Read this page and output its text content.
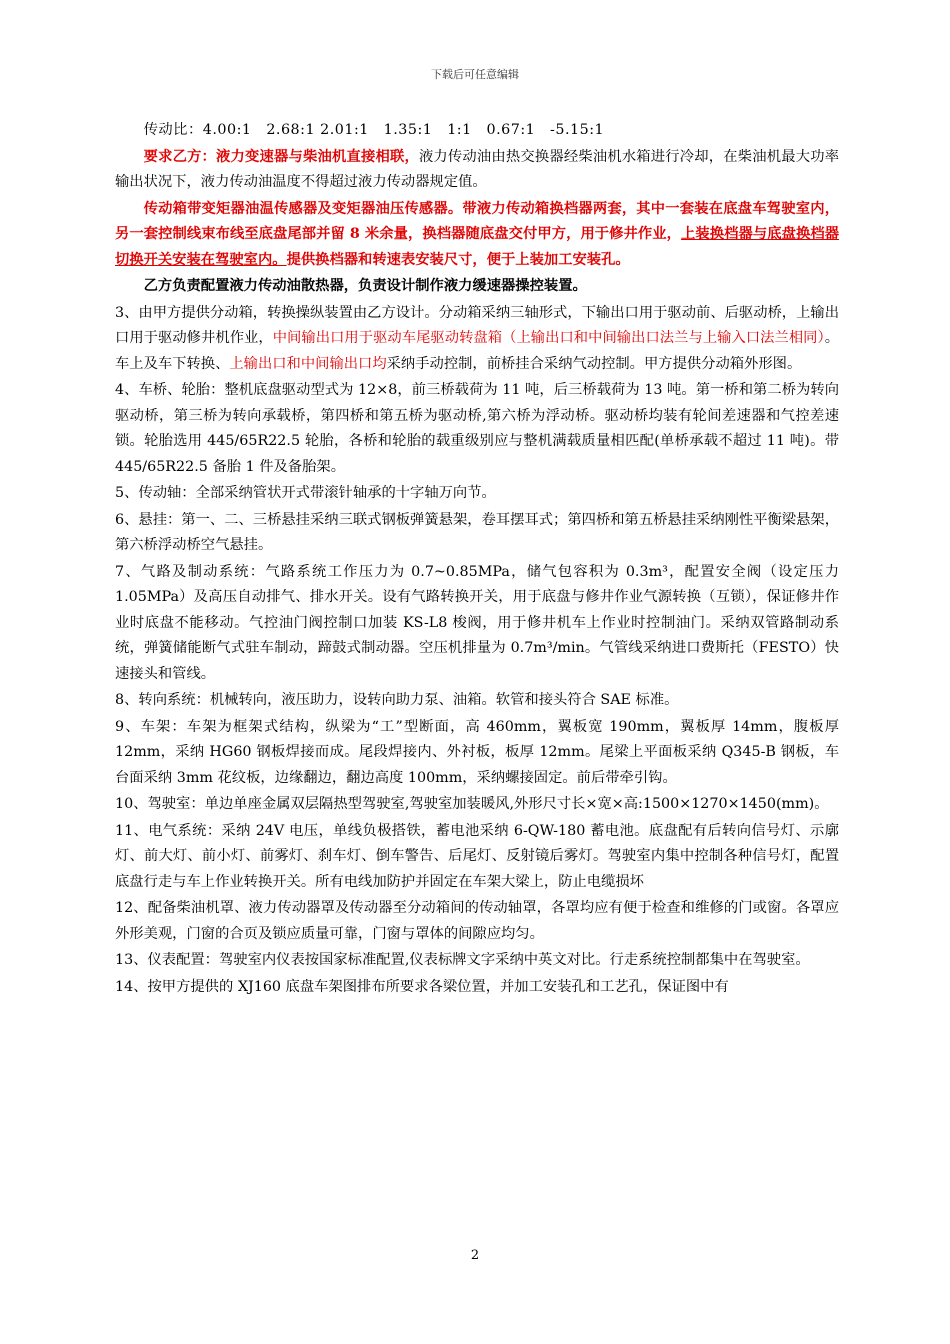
下载后可任意编辑

传动比：4.00:1　2.68:1 2.01:1　1.35:1　1:1　0.67:1　-5.15:1

要求乙方：液力变速器与柴油机直接相联，液力传动油由热交换器经柴油机水箱进行冷却，在柴油机最大功率输出状况下，液力传动油温度不得超过液力传动器规定值。

传动箱带变矩器油温传感器及变矩器油压传感器。带液力传动箱换档器两套，其中一套装在底盘车驾驶室内，另一套控制线束布线至底盘尾部并留 8 米余量，换档器随底盘交付甲方，用于修井作业，上装换档器与底盘换档器切换开关安装在驾驶室内。提供换档器和转速表安装尺寸，便于上装加工安装孔。

乙方负责配置液力传动油散热器，负责设计制作液力缓速器操控装置。

3、由甲方提供分动箱，转换操纵装置由乙方设计。分动箱采纳三轴形式，下输出口用于驱动前、后驱动桥，上输出口用于驱动修井机作业，中间输出口用于驱动车尾驱动转盘箱（上输出口和中间输出口法兰与上输入口法兰相同）。车上及车下转换、上输出口和中间输出口均采纳手动控制，前桥挂合采纳气动控制。甲方提供分动箱外形图。

4、车桥、轮胎：整机底盘驱动型式为 12×8，前三桥载荷为 11 吨，后三桥载荷为 13 吨。第一桥和第二桥为转向驱动桥，第三桥为转向承载桥，第四桥和第五桥为驱动桥,第六桥为浮动桥。驱动桥均装有轮间差速器和气控差速锁。轮胎选用 445/65R22.5 轮胎，各桥和轮胎的载重级别应与整机满载质量相匹配(单桥承载不超过 11 吨)。带 445/65R22.5 备胎 1 件及备胎架。

5、传动轴：全部采纳管状开式带滚针轴承的十字轴万向节。

6、悬挂：第一、二、三桥悬挂采纳三联式钢板弹簧悬架，卷耳摆耳式；第四桥和第五桥悬挂采纳刚性平衡梁悬架，第六桥浮动桥空气悬挂。

7、气路及制动系统：气路系统工作压力为 0.7~0.85MPa，储气包容积为 0.3m³，配置安全阀（设定压力 1.05MPa）及高压自动排气、排水开关。设有气路转换开关，用于底盘与修井作业气源转换（互锁），保证修井作业时底盘不能移动。气控油门阀控制口加装 KS-L8 梭阀，用于修井机车上作业时控制油门。采纳双管路制动系统，弹簧储能断气式驻车制动，蹄鼓式制动器。空压机排量为 0.7m³/min。气管线采纳进口费斯托（FESTO）快速接头和管线。

8、转向系统：机械转向，液压助力，设转向助力泵、油箱。软管和接头符合 SAE 标准。

9、车架：车架为框架式结构，纵梁为“工”型断面，高 460mm，翼板宽 190mm，翼板厚 14mm，腹板厚 12mm，采纳 HG60 钢板焊接而成。尾段焊接内、外衬板，板厚 12mm。尾梁上平面板采纳 Q345-B 钢板，车台面采纳 3mm 花纹板，边缘翻边，翻边高度 100mm，采纳螺接固定。前后带牵引钩。

10、驾驶室：单边单座金属双层隔热型驾驶室,驾驶室加装暖风,外形尺寸长×宽×高:1500×1270×1450(mm)。

11、电气系统：采纳 24V 电压，单线负极搭铁，蓄电池采纳 6-QW-180 蓄电池。底盘配有后转向信号灯、示廓灯、前大灯、前小灯、前雾灯、刹车灯、倒车警告、后尾灯、反射镜后雾灯。驾驶室内集中控制各种信号灯，配置底盘行走与车上作业转换开关。所有电线加防护并固定在车架大梁上，防止电缆损坏

12、配备柴油机罩、液力传动器罩及传动器至分动箱间的传动轴罩，各罩均应有便于检查和维修的门或窗。各罩应外形美观，门窗的合页及锁应质量可靠，门窗与罩体的间隙应均匀。

13、仪表配置：驾驶室内仪表按国家标准配置,仪表标牌文字采纳中英文对比。行走系统控制都集中在驾驶室。

14、按甲方提供的 XJ160 底盘车架图排布所要求各梁位置，并加工安装孔和工艺孔，保证图中有

2
